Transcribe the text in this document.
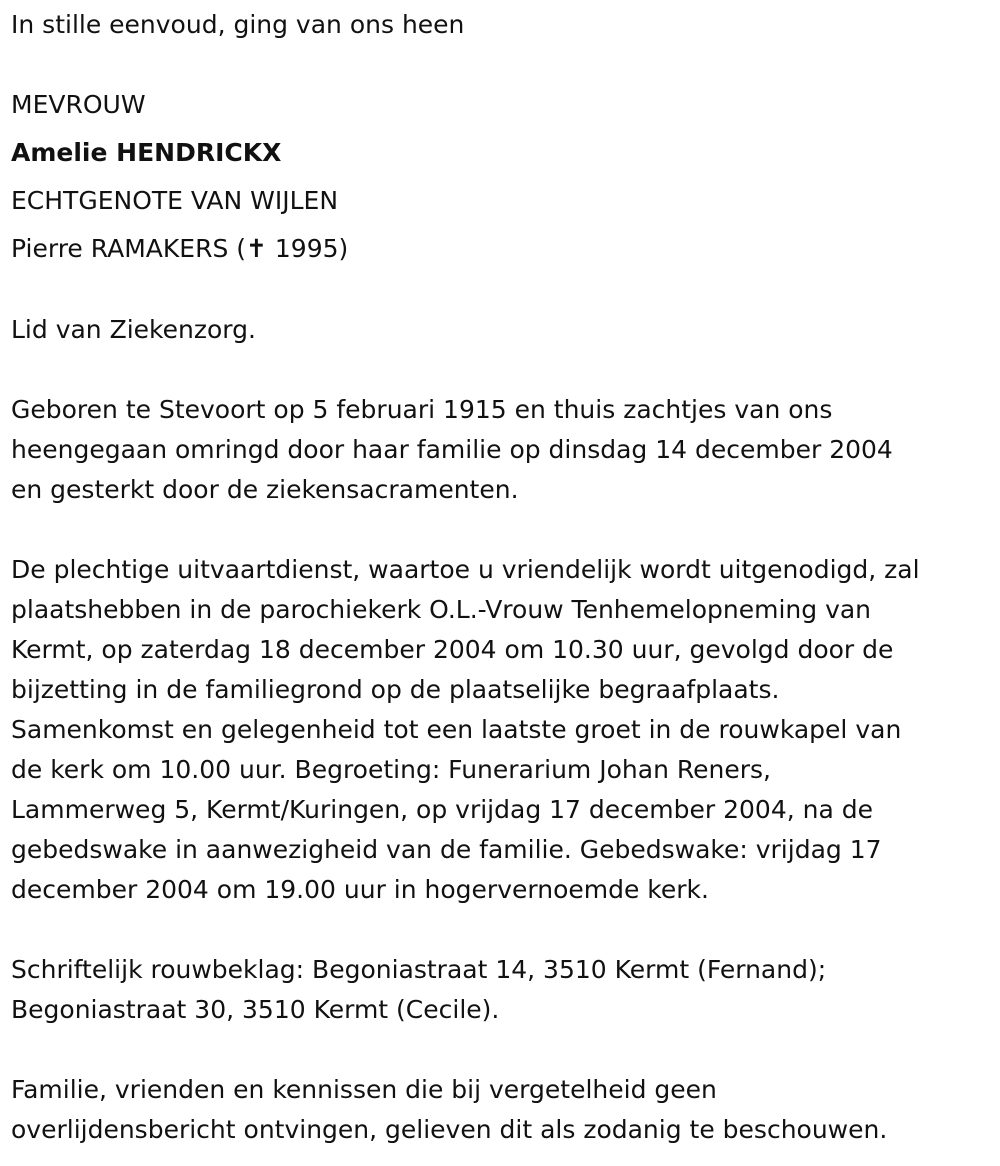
In stille eenvoud, ging van ons heen
MEVROUW
Amelie HENDRICKX
ECHTGENOTE VAN WIJLEN
Pierre RAMAKERS (✝ 1995)
Lid van Ziekenzorg.
Geboren te Stevoort op 5 februari 1915 en thuis zachtjes van ons
heengegaan omringd door haar familie op dinsdag 14 december 2004
en gesterkt door de ziekensacramenten.
De plechtige uitvaartdienst, waartoe u vriendelijk wordt uitgenodigd, zal
plaatshebben in de parochiekerk O.L.-Vrouw Tenhemelopneming van
Kermt, op zaterdag 18 december 2004 om 10.30 uur, gevolgd door de
bijzetting in de familiegrond op de plaatselijke begraafplaats.
Samenkomst en gelegenheid tot een laatste groet in de rouwkapel van
de kerk om 10.00 uur. Begroeting: Funerarium Johan Reners,
Lammerweg 5, Kermt/Kuringen, op vrijdag 17 december 2004, na de
gebedswake in aanwezigheid van de familie. Gebedswake: vrijdag 17
december 2004 om 19.00 uur in hogervernoemde kerk.
Schriftelijk rouwbeklag: Begoniastraat 14, 3510 Kermt (Fernand);
Begoniastraat 30, 3510 Kermt (Cecile).
Familie, vrienden en kennissen die bij vergetelheid geen
overlijdensbericht ontvingen, gelieven dit als zodanig te beschouwen.
